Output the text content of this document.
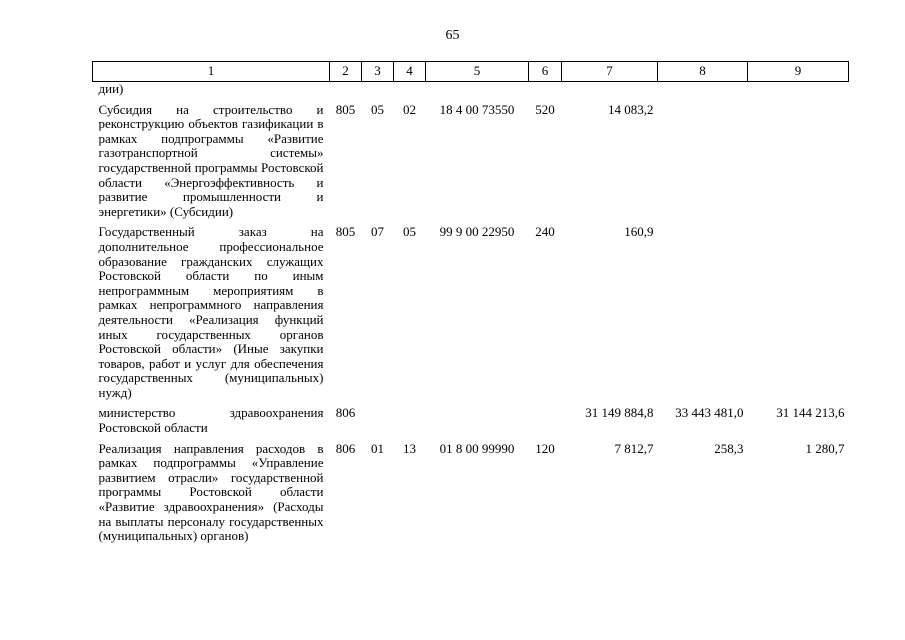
65
1	2	3	4	5	6	7	8	9
дии)								
Субсидия на строительство и реконструкцию объектов газификации в рамках подпрограммы «Развитие газотранспортной системы» государственной программы Ростовской области «Энергоэффективность и развитие промышленности и энергетики» (Субсидии)	805	05	02	18 4 00 73550	520	14 083,2		
Государственный заказ на дополнительное профессиональное образование гражданских служащих Ростовской области по иным непрограммным мероприятиям в рамках непрограммного направления деятельности «Реализация функций иных государственных органов Ростовской области» (Иные закупки товаров, работ и услуг для обеспечения государственных (муниципальных) нужд)	805	07	05	99 9 00 22950	240	160,9		
министерство здравоохранения Ростовской области	806					31 149 884,8	33 443 481,0	31 144 213,6
Реализация направления расходов в рамках подпрограммы «Управление развитием отрасли» государственной программы Ростовской области «Развитие здравоохранения» (Расходы на выплаты персоналу государственных (муниципальных) органов)	806	01	13	01 8 00 99990	120	7 812,7	258,3	1 280,7
